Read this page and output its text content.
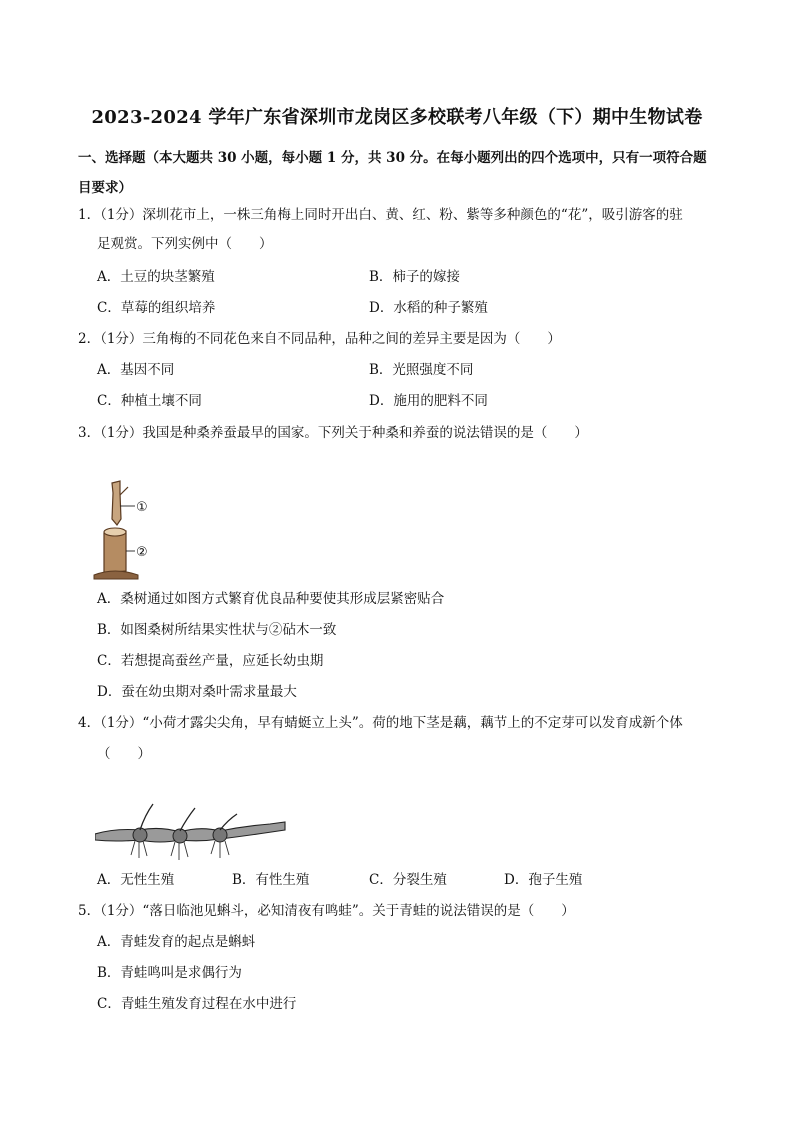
2023-2024 学年广东省深圳市龙岗区多校联考八年级（下）期中生物试卷
一、选择题（本大题共 30 小题，每小题 1 分，共 30 分。在每小题列出的四个选项中，只有一项符合题目要求）
1．（1分）深圳花市上，一株三角梅上同时开出白、黄、红、粉、紫等多种颜色的“花”，吸引游客的驻
足观赏。下列实例中（　　）
A．土豆的块茎繁殖	B．柿子的嫁接
C．草莓的组织培养	D．水稻的种子繁殖
2．（1分）三角梅的不同花色来自不同品种，品种之间的差异主要是因为（　　）
A．基因不同	B．光照强度不同
C．种植土壤不同	D．施用的肥料不同
3．（1分）我国是种桑养蚕最早的国家。下列关于种桑和养蚕的说法错误的是（　　）
①
②
A．桑树通过如图方式繁育优良品种要使其形成层紧密贴合
B．如图桑树所结果实性状与②砧木一致
C．若想提高蚕丝产量，应延长幼虫期
D．蚕在幼虫期对桑叶需求量最大
4．（1分）“小荷才露尖尖角，早有蜻蜓立上头”。荷的地下茎是藕，藕节上的不定芽可以发育成新个体
（　　）
A．无性生殖	B．有性生殖	C．分裂生殖	D．孢子生殖
5．（1分）“落日临池见蝌斗，必知清夜有鸣蛙”。关于青蛙的说法错误的是（　　）
A．青蛙发育的起点是蝌蚪
B．青蛙鸣叫是求偶行为
C．青蛙生殖发育过程在水中进行
